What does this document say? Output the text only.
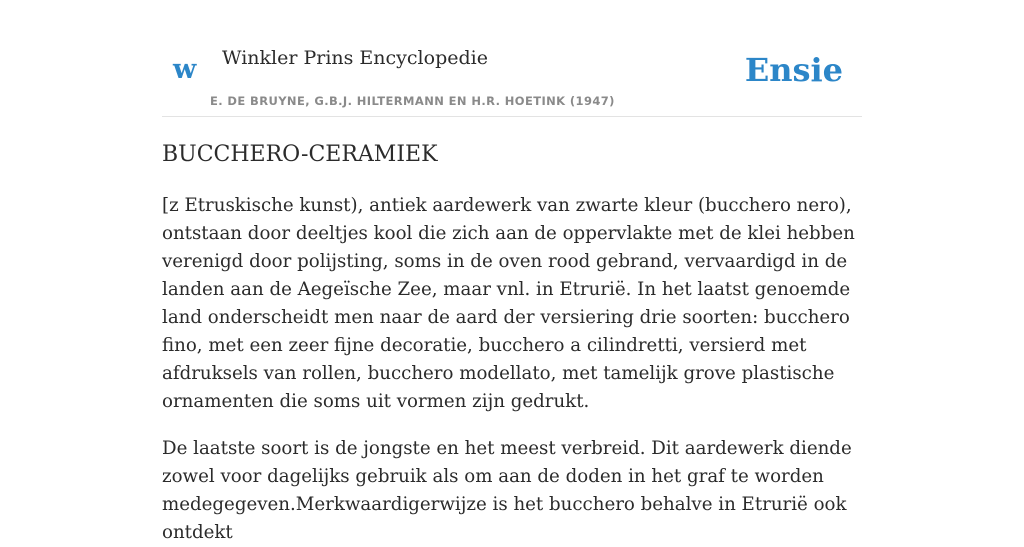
w Winkler Prins Encyclopedie
E. DE BRUYNE, G.B.J. HILTERMANN EN H.R. HOETINK (1947)
Ensie
BUCCHERO-CERAMIEK

[z Etruskische kunst), antiek aardewerk van zwarte kleur (bucchero nero), ontstaan door deeltjes kool die zich aan de oppervlakte met de klei hebben verenigd door polijsting, soms in de oven rood gebrand, vervaardigd in de landen aan de Aegeïsche Zee, maar vnl. in Etrurië. In het laatst genoemde land onderscheidt men naar de aard der versiering drie soorten: bucchero fino, met een zeer fijne decoratie, bucchero a cilindretti, versierd met afdruksels van rollen, bucchero modellato, met tamelijk grove plastische ornamenten die soms uit vormen zijn gedrukt.

De laatste soort is de jongste en het meest verbreid. Dit aardewerk diende zowel voor dagelijks gebruik als om aan de doden in het graf te worden medegegeven.Merkwaardigerwijze is het bucchero behalve in Etrurië ook ontdekt
